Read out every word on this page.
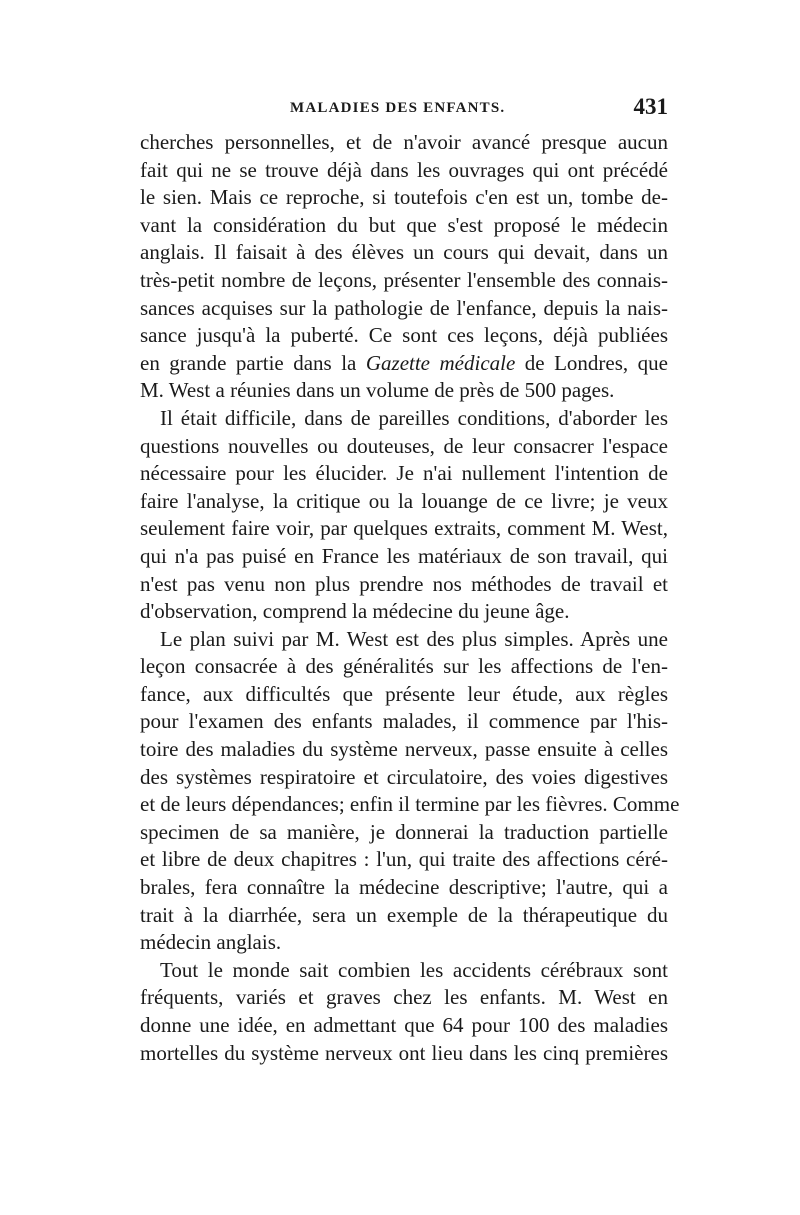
MALADIES DES ENFANTS.	431
cherches personnelles, et de n'avoir avancé presque aucun
fait qui ne se trouve déjà dans les ouvrages qui ont précédé
le sien. Mais ce reproche, si toutefois c'en est un, tombe de-
vant la considération du but que s'est proposé le médecin
anglais. Il faisait à des élèves un cours qui devait, dans un
très-petit nombre de leçons, présenter l'ensemble des connais-
sances acquises sur la pathologie de l'enfance, depuis la nais-
sance jusqu'à la puberté. Ce sont ces leçons, déjà publiées
en grande partie dans la Gazette médicale de Londres, que
M. West a réunies dans un volume de près de 500 pages.
Il était difficile, dans de pareilles conditions, d'aborder les
questions nouvelles ou douteuses, de leur consacrer l'espace
nécessaire pour les élucider. Je n'ai nullement l'intention de
faire l'analyse, la critique ou la louange de ce livre; je veux
seulement faire voir, par quelques extraits, comment M. West,
qui n'a pas puisé en France les matériaux de son travail, qui
n'est pas venu non plus prendre nos méthodes de travail et
d'observation, comprend la médecine du jeune âge.
Le plan suivi par M. West est des plus simples. Après une
leçon consacrée à des généralités sur les affections de l'en-
fance, aux difficultés que présente leur étude, aux règles
pour l'examen des enfants malades, il commence par l'his-
toire des maladies du système nerveux, passe ensuite à celles
des systèmes respiratoire et circulatoire, des voies digestives
et de leurs dépendances; enfin il termine par les fièvres. Comme
specimen de sa manière, je donnerai la traduction partielle
et libre de deux chapitres : l'un, qui traite des affections céré-
brales, fera connaître la médecine descriptive; l'autre, qui a
trait à la diarrhée, sera un exemple de la thérapeutique du
médecin anglais.
Tout le monde sait combien les accidents cérébraux sont
fréquents, variés et graves chez les enfants. M. West en
donne une idée, en admettant que 64 pour 100 des maladies
mortelles du système nerveux ont lieu dans les cinq premières
